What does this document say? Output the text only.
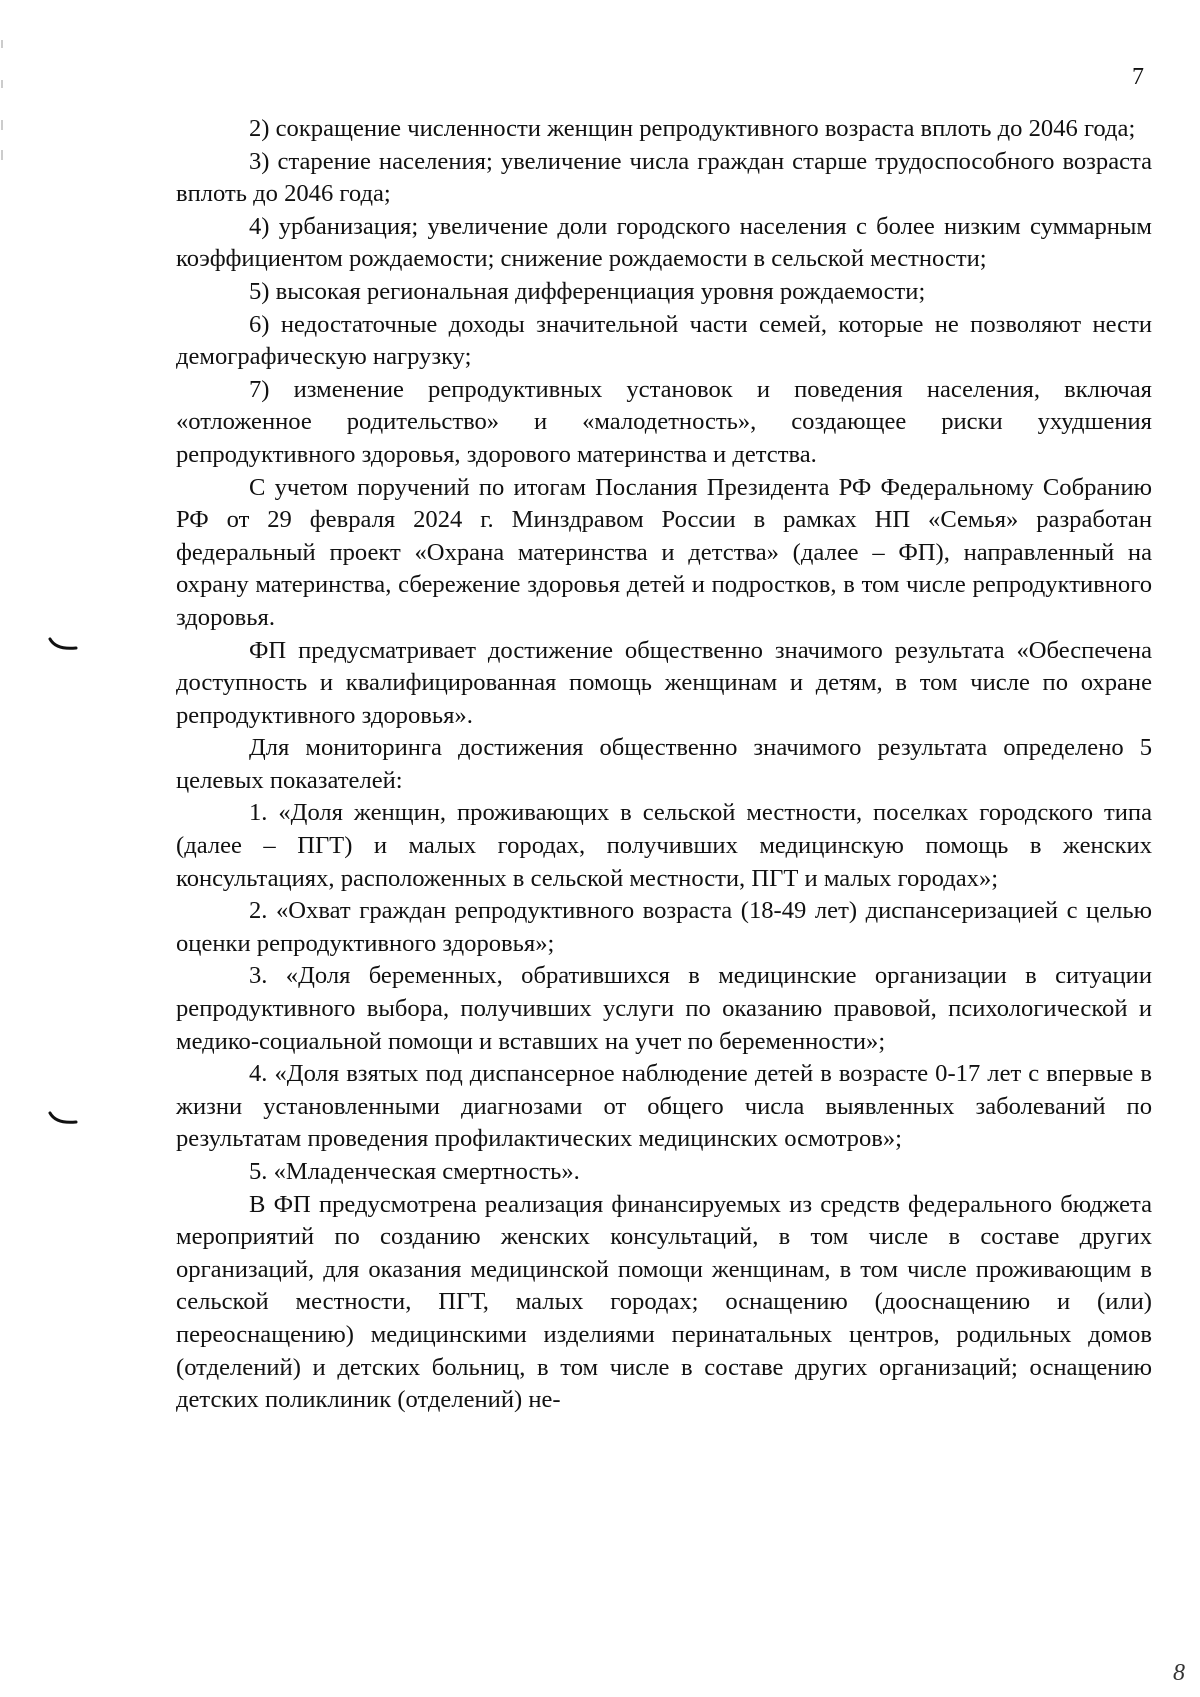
7

2) сокращение численности женщин репродуктивного возраста вплоть до 2046 года;

3) старение населения; увеличение числа граждан старше трудоспособного возраста вплоть до 2046 года;

4) урбанизация; увеличение доли городского населения с более низким суммарным коэффициентом рождаемости; снижение рождаемости в сельской местности;

5) высокая региональная дифференциация уровня рождаемости;

6) недостаточные доходы значительной части семей, которые не позволяют нести демографическую нагрузку;

7) изменение репродуктивных установок и поведения населения, включая «отложенное родительство» и «малодетность», создающее риски ухудшения репродуктивного здоровья, здорового материнства и детства.

С учетом поручений по итогам Послания Президента РФ Федеральному Собранию РФ от 29 февраля 2024 г. Минздравом России в рамках НП «Семья» разработан федеральный проект «Охрана материнства и детства» (далее – ФП), направленный на охрану материнства, сбережение здоровья детей и подростков, в том числе репродуктивного здоровья.

ФП предусматривает достижение общественно значимого результата «Обеспечена доступность и квалифицированная помощь женщинам и детям, в том числе по охране репродуктивного здоровья».

Для мониторинга достижения общественно значимого результата определено 5 целевых показателей:

1. «Доля женщин, проживающих в сельской местности, поселках городского типа (далее – ПГТ) и малых городах, получивших медицинскую помощь в женских консультациях, расположенных в сельской местности, ПГТ и малых городах»;

2. «Охват граждан репродуктивного возраста (18-49 лет) диспансеризацией с целью оценки репродуктивного здоровья»;

3. «Доля беременных, обратившихся в медицинские организации в ситуации репродуктивного выбора, получивших услуги по оказанию правовой, психологической и медико-социальной помощи и вставших на учет по беременности»;

4. «Доля взятых под диспансерное наблюдение детей в возрасте 0-17 лет с впервые в жизни установленными диагнозами от общего числа выявленных заболеваний по результатам проведения профилактических медицинских осмотров»;

5. «Младенческая смертность».

В ФП предусмотрена реализация финансируемых из средств федерального бюджета мероприятий по созданию женских консультаций, в том числе в составе других организаций, для оказания медицинской помощи женщинам, в том числе проживающим в сельской местности, ПГТ, малых городах; оснащению (дооснащению и (или) переоснащению) медицинскими изделиями перинатальных центров, родильных домов (отделений) и детских больниц, в том числе в составе других организаций; оснащению детских поликлиник (отделений) не-

8
